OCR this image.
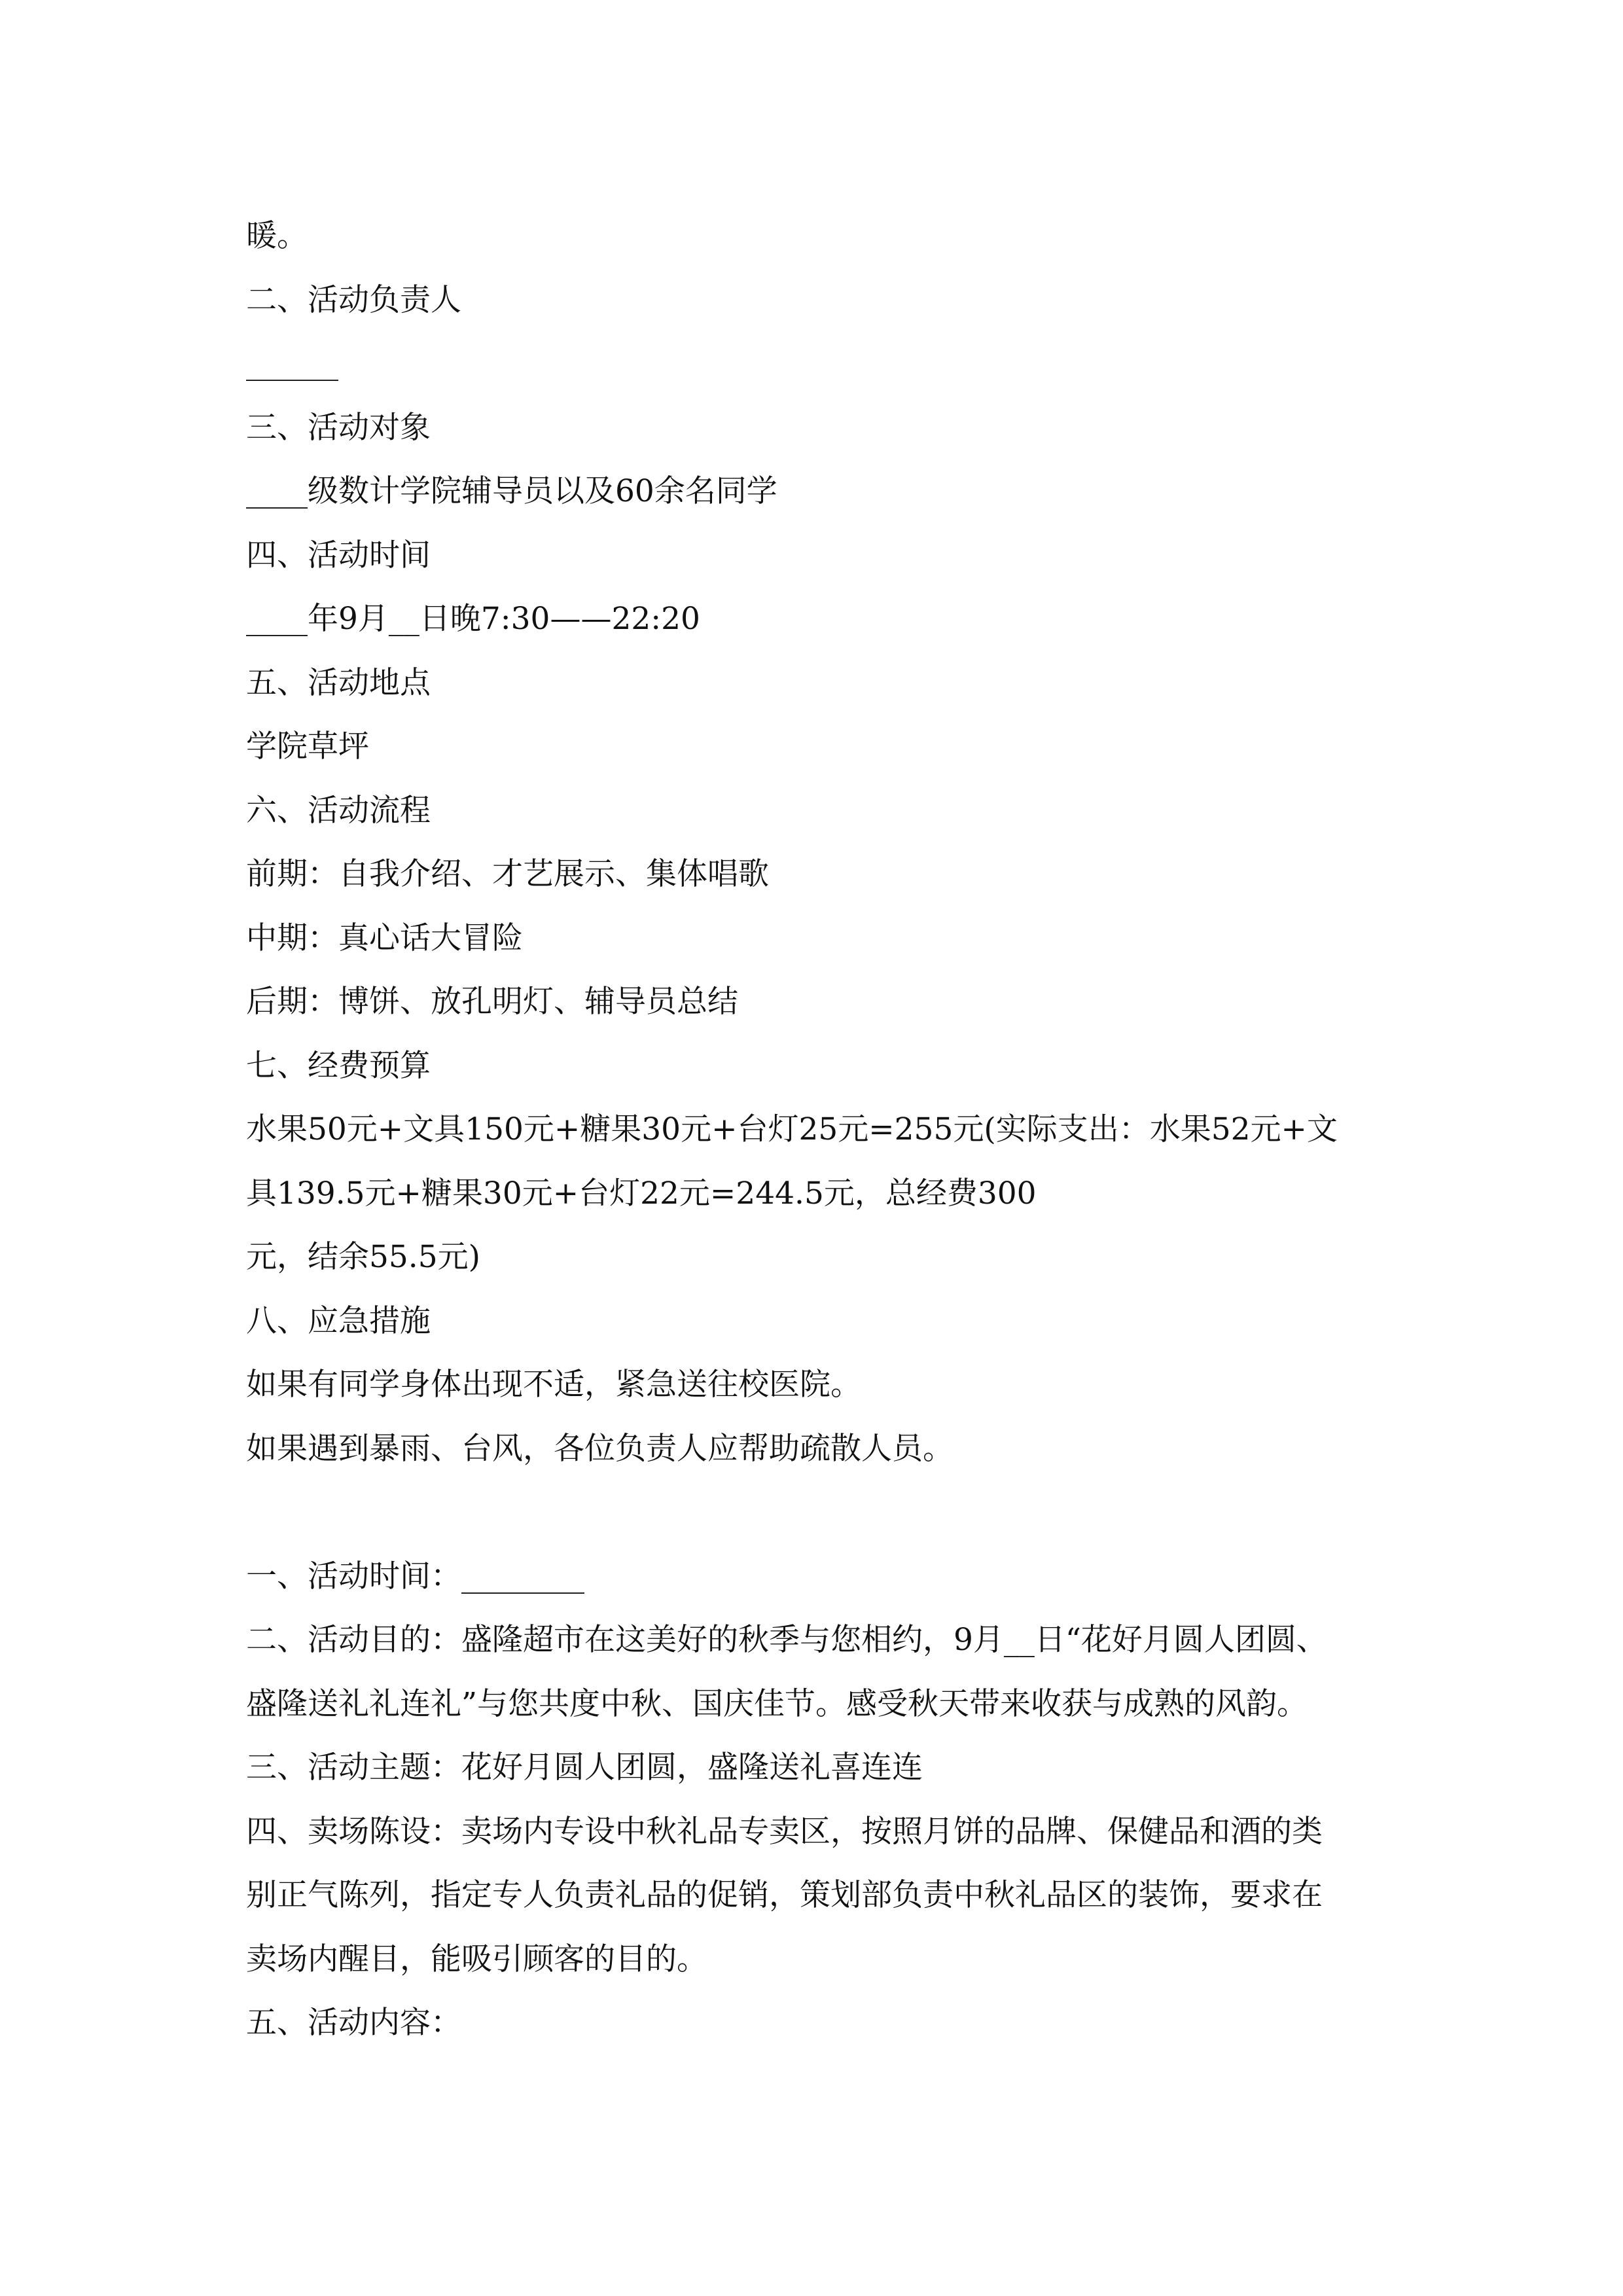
暖。
二、活动负责人
______
三、活动对象
____级数计学院辅导员以及60余名同学
四、活动时间
____年9月__日晚7:30——22:20
五、活动地点
学院草坪
六、活动流程
前期：自我介绍、才艺展示、集体唱歌
中期：真心话大冒险
后期：博饼、放孔明灯、辅导员总结
七、经费预算
水果50元+文具150元+糖果30元+台灯25元=255元(实际支出：水果52元+文
具139.5元+糖果30元+台灯22元=244.5元，总经费300
元，结余55.5元)
八、应急措施
如果有同学身体出现不适，紧急送往校医院。
如果遇到暴雨、台风，各位负责人应帮助疏散人员。
一、活动时间：________
二、活动目的：盛隆超市在这美好的秋季与您相约，9月__日“花好月圆人团圆、
盛隆送礼礼连礼”与您共度中秋、国庆佳节。感受秋天带来收获与成熟的风韵。
三、活动主题：花好月圆人团圆，盛隆送礼喜连连
四、卖场陈设：卖场内专设中秋礼品专卖区，按照月饼的品牌、保健品和酒的类
别正气陈列，指定专人负责礼品的促销，策划部负责中秋礼品区的装饰，要求在
卖场内醒目，能吸引顾客的目的。
五、活动内容：
